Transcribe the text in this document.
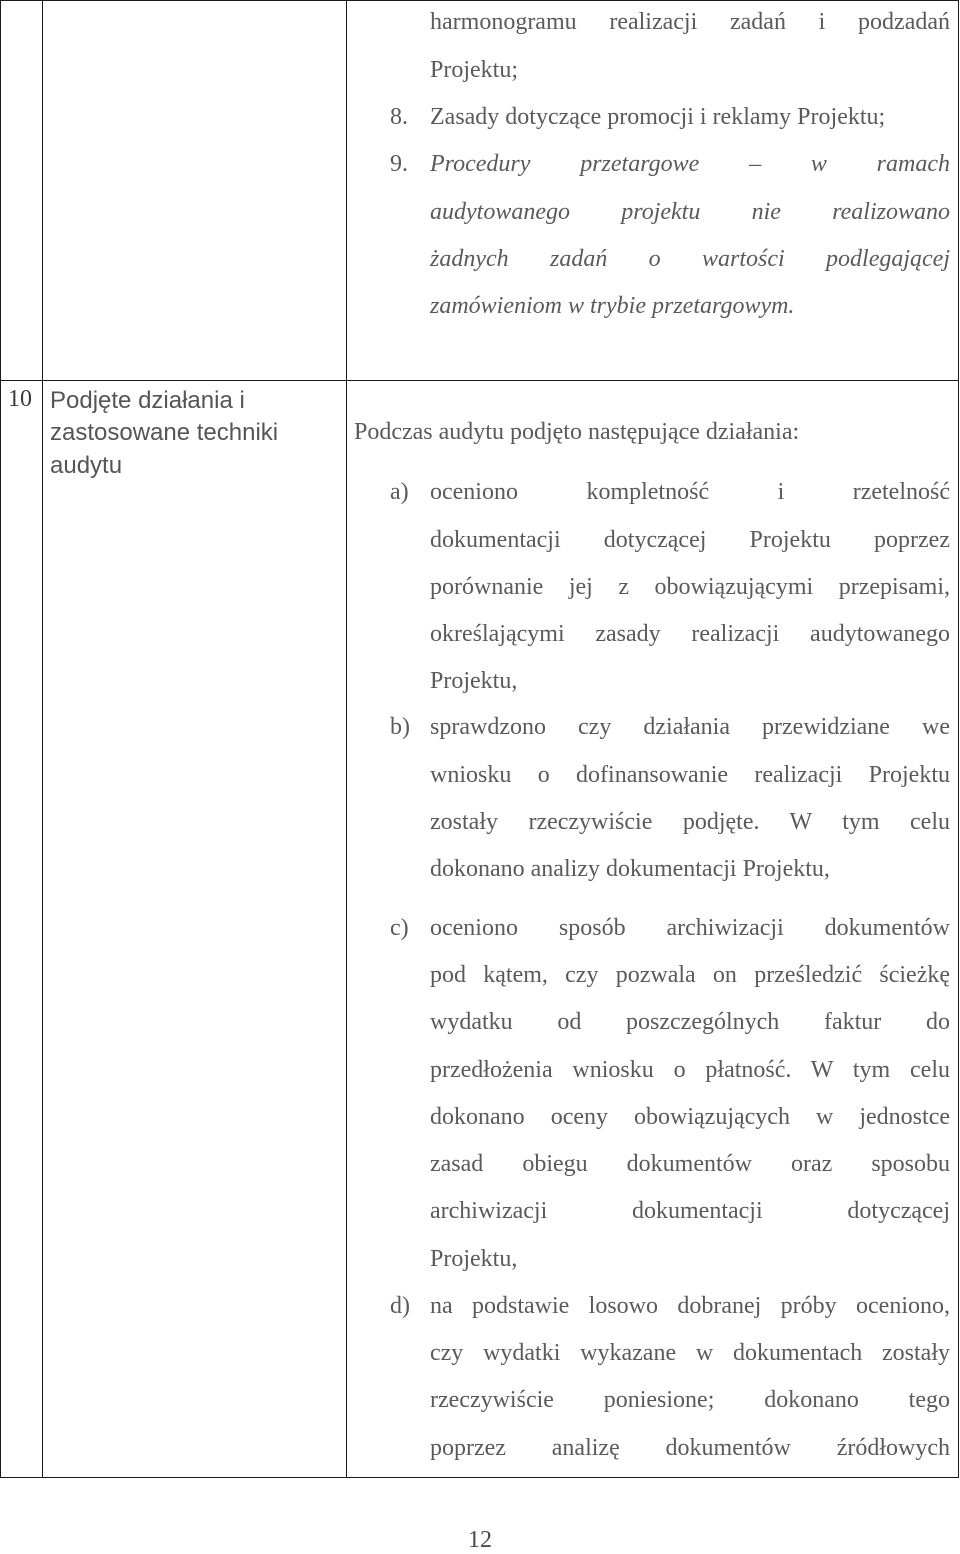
harmonogramu realizacji zadań i podzadań
Projektu;
8. Zasady dotyczące promocji i reklamy Projektu;
9. Procedury przetargowe – w ramach
audytowanego projektu nie realizowano
żadnych zadań o wartości podlegającej
zamówieniom w trybie przetargowym.
10 Podjęte działania i
zastosowane techniki
audytu
Podczas audytu podjęto następujące działania:
a) oceniono kompletność i rzetelność
dokumentacji dotyczącej Projektu poprzez
porównanie jej z obowiązującymi przepisami,
określającymi zasady realizacji audytowanego
Projektu,
b) sprawdzono czy działania przewidziane we
wniosku o dofinansowanie realizacji Projektu
zostały rzeczywiście podjęte. W tym celu
dokonano analizy dokumentacji Projektu,
c) oceniono sposób archiwizacji dokumentów
pod kątem, czy pozwala on prześledzić ścieżkę
wydatku od poszczególnych faktur do
przedłożenia wniosku o płatność. W tym celu
dokonano oceny obowiązujących w jednostce
zasad obiegu dokumentów oraz sposobu
archiwizacji dokumentacji dotyczącej
Projektu,
d) na podstawie losowo dobranej próby oceniono,
czy wydatki wykazane w dokumentach zostały
rzeczywiście poniesione; dokonano tego
poprzez analizę dokumentów źródłowych
12
